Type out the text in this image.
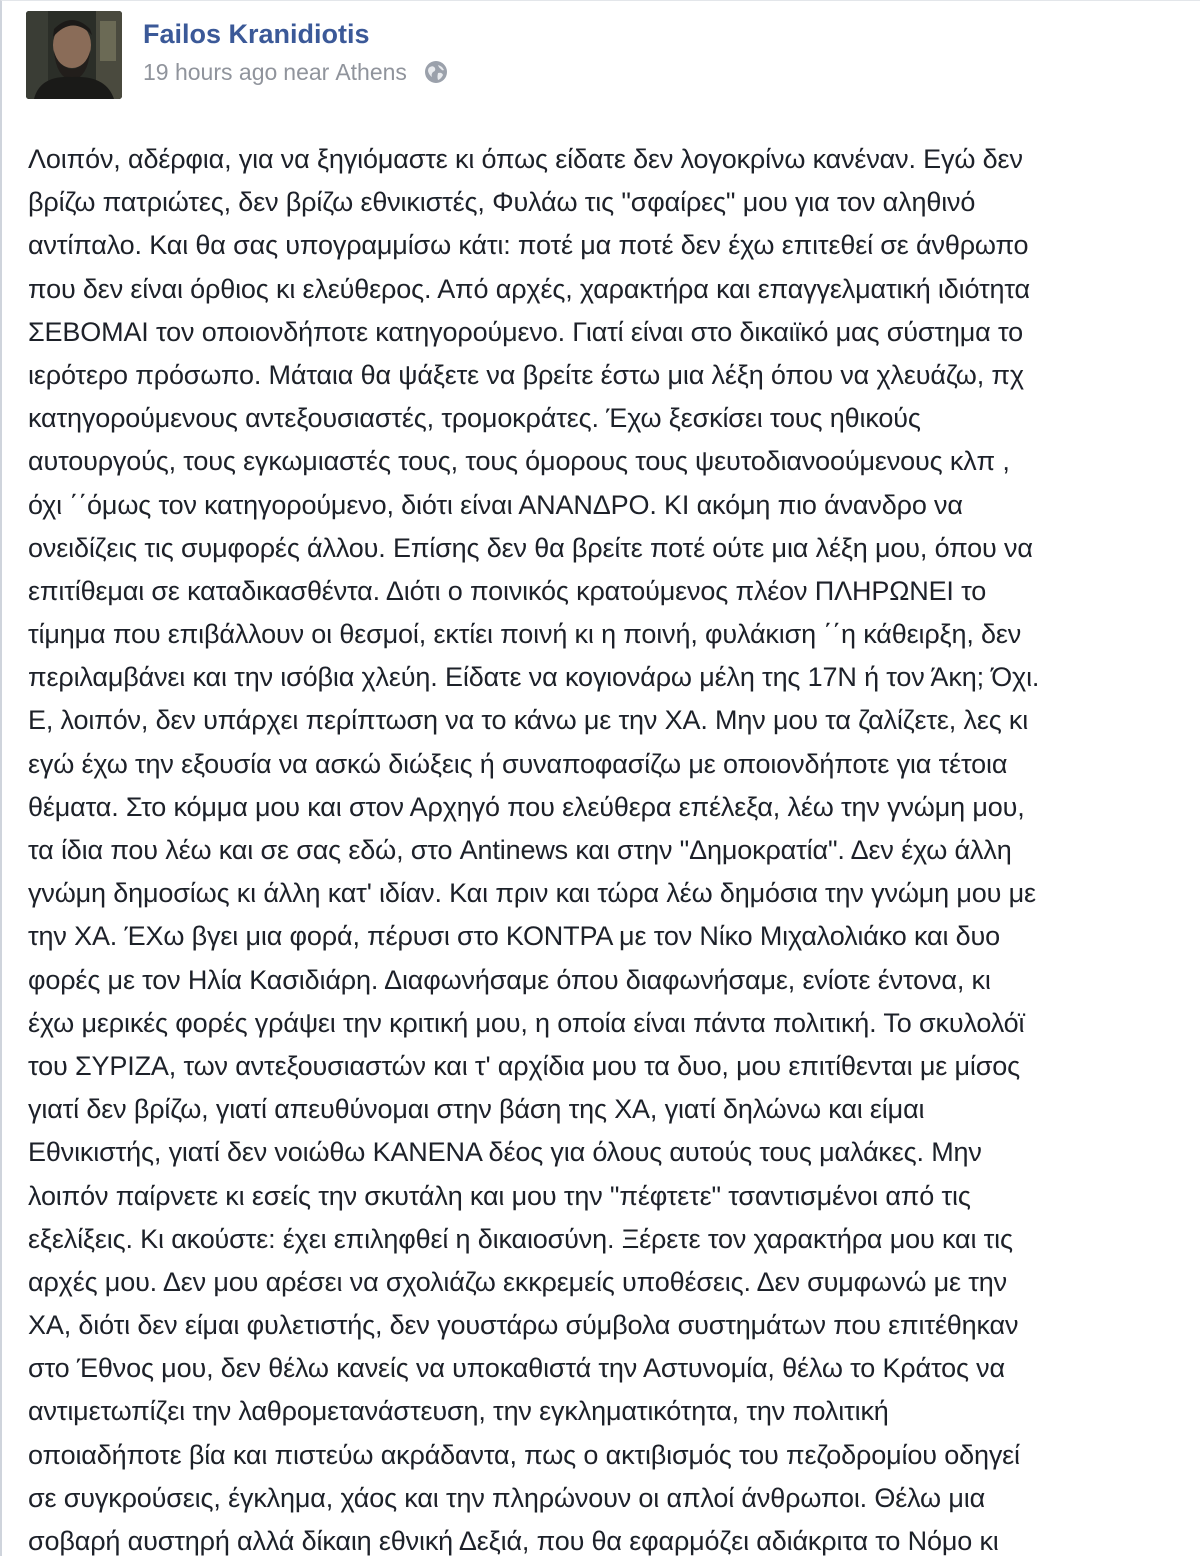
Failos Kranidiotis
19 hours ago near Athens
Λοιπόν, αδέρφια, για να ξηγιόμαστε κι όπως είδατε δεν λογοκρίνω κανέναν. Εγώ δεν
βρίζω πατριώτες, δεν βρίζω εθνικιστές, Φυλάω τις "σφαίρες" μου για τον αληθινό
αντίπαλο. Και θα σας υπογραμμίσω κάτι: ποτέ μα ποτέ δεν έχω επιτεθεί σε άνθρωπο
που δεν είναι όρθιος κι ελεύθερος. Από αρχές, χαρακτήρα και επαγγελματική ιδιότητα
ΣΕΒΟΜΑΙ τον οποιονδήποτε κατηγορούμενο. Γιατί είναι στο δικαιϊκό μας σύστημα το
ιερότερο πρόσωπο. Μάταια θα ψάξετε να βρείτε έστω μια λέξη όπου να χλευάζω, πχ
κατηγορούμενους αντεξουσιαστές, τρομοκράτες. Έχω ξεσκίσει τους ηθικούς
αυτουργούς, τους εγκωμιαστές τους, τους όμορους τους ψευτοδιανοούμενους κλπ ,
όχι ΄΄όμως τον κατηγορούμενο, διότι είναι ΑΝΑΝΔΡΟ. ΚΙ ακόμη πιο άνανδρο να
ονειδίζεις τις συμφορές άλλου. Επίσης δεν θα βρείτε ποτέ ούτε μια λέξη μου, όπου να
επιτίθεμαι σε καταδικασθέντα. Διότι ο ποινικός κρατούμενος πλέον ΠΛΗΡΩΝΕΙ το
τίμημα που επιβάλλουν οι θεσμοί, εκτίει ποινή κι η ποινή, φυλάκιση ΄΄η κάθειρξη, δεν
περιλαμβάνει και την ισόβια χλεύη. Είδατε να κογιονάρω μέλη της 17Ν ή τον Άκη; Όχι.
Ε, λοιπόν, δεν υπάρχει περίπτωση να το κάνω με την ΧΑ. Μην μου τα ζαλίζετε, λες κι
εγώ έχω την εξουσία να ασκώ διώξεις ή συναποφασίζω με οποιονδήποτε για τέτοια
θέματα. Στο κόμμα μου και στον Αρχηγό που ελεύθερα επέλεξα, λέω την γνώμη μου,
τα ίδια που λέω και σε σας εδώ, στο Antinews και στην "Δημοκρατία". Δεν έχω άλλη
γνώμη δημοσίως κι άλλη κατ' ιδίαν. Και πριν και τώρα λέω δημόσια την γνώμη μου με
την ΧΑ. ΈΧω βγει μια φορά, πέρυσι στο ΚΟΝΤΡΑ με τον Νίκο Μιχαλολιάκο και δυο
φορές με τον Ηλία Κασιδιάρη. Διαφωνήσαμε όπου διαφωνήσαμε, ενίοτε έντονα, κι
έχω μερικές φορές γράψει την κριτική μου, η οποία είναι πάντα πολιτική. Το σκυλολόϊ
του ΣΥΡΙΖΑ, των αντεξουσιαστών και τ' αρχίδια μου τα δυο, μου επιτίθενται με μίσος
γιατί δεν βρίζω, γιατί απευθύνομαι στην βάση της ΧΑ, γιατί δηλώνω και είμαι
Εθνικιστής, γιατί δεν νοιώθω ΚΑΝΕΝΑ δέος για όλους αυτούς τους μαλάκες. Μην
λοιπόν παίρνετε κι εσείς την σκυτάλη και μου την "πέφτετε" τσαντισμένοι από τις
εξελίξεις. Κι ακούστε: έχει επιληφθεί η δικαιοσύνη. Ξέρετε τον χαρακτήρα μου και τις
αρχές μου. Δεν μου αρέσει να σχολιάζω εκκρεμείς υποθέσεις. Δεν συμφωνώ με την
ΧΑ, διότι δεν είμαι φυλετιστής, δεν γουστάρω σύμβολα συστημάτων που επιτέθηκαν
στο Έθνος μου, δεν θέλω κανείς να υποκαθιστά την Αστυνομία, θέλω το Κράτος να
αντιμετωπίζει την λαθρομετανάστευση, την εγκληματικότητα, την πολιτική
οποιαδήποτε βία και πιστεύω ακράδαντα, πως ο ακτιβισμός του πεζοδρομίου οδηγεί
σε συγκρούσεις, έγκλημα, χάος και την πληρώνουν οι απλοί άνθρωποι. Θέλω μια
σοβαρή αυστηρή αλλά δίκαιη εθνική Δεξιά, που θα εφαρμόζει αδιάκριτα το Νόμο κι
